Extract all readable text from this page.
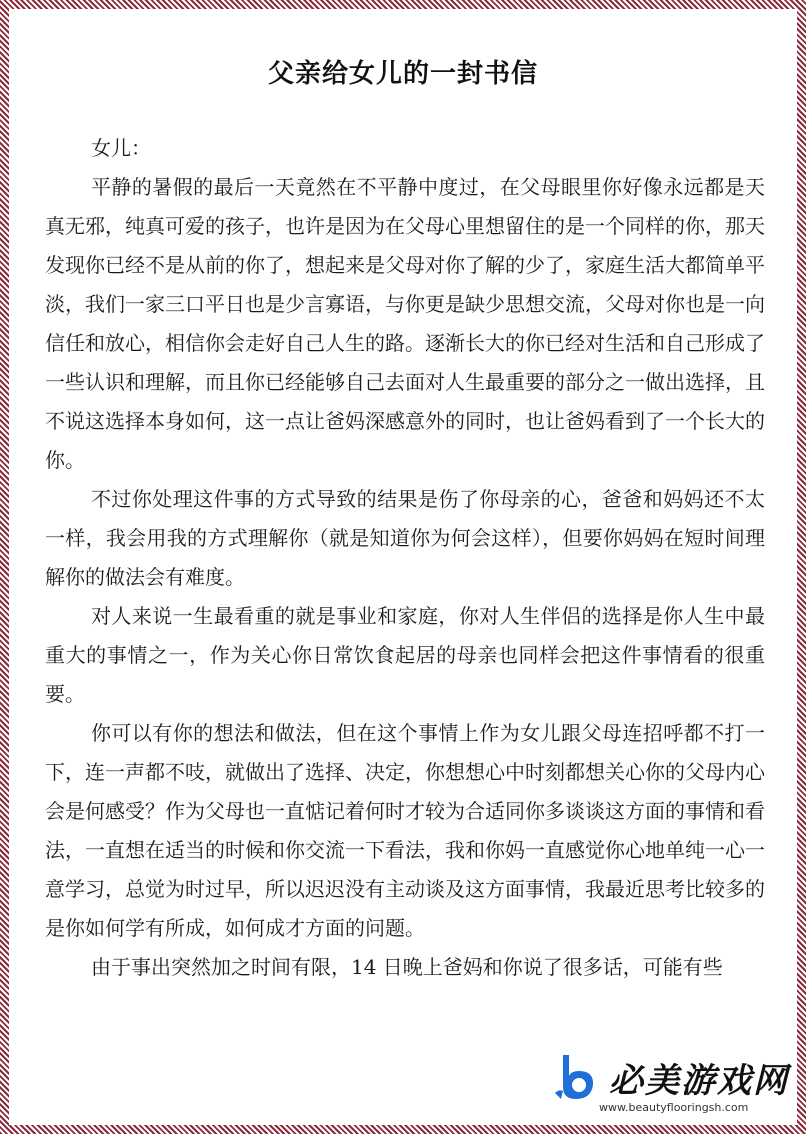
父亲给女儿的一封书信

女儿：

平静的暑假的最后一天竟然在不平静中度过，在父母眼里你好像永远都是天真无邪，纯真可爱的孩子，也许是因为在父母心里想留住的是一个同样的你，那天发现你已经不是从前的你了，想起来是父母对你了解的少了，家庭生活大都简单平淡，我们一家三口平日也是少言寡语，与你更是缺少思想交流，父母对你也是一向信任和放心，相信你会走好自己人生的路。逐渐长大的你已经对生活和自己形成了一些认识和理解，而且你已经能够自己去面对人生最重要的部分之一做出选择，且不说这选择本身如何，这一点让爸妈深感意外的同时，也让爸妈看到了一个长大的你。

不过你处理这件事的方式导致的结果是伤了你母亲的心，爸爸和妈妈还不太一样，我会用我的方式理解你（就是知道你为何会这样），但要你妈妈在短时间理解你的做法会有难度。

对人来说一生最看重的就是事业和家庭，你对人生伴侣的选择是你人生中最重大的事情之一，作为关心你日常饮食起居的母亲也同样会把这件事情看的很重要。

你可以有你的想法和做法，但在这个事情上作为女儿跟父母连招呼都不打一下，连一声都不吱，就做出了选择、决定，你想想心中时刻都想关心你的父母内心会是何感受？作为父母也一直惦记着何时才较为合适同你多谈谈这方面的事情和看法，一直想在适当的时候和你交流一下看法，我和你妈一直感觉你心地单纯一心一意学习，总觉为时过早，所以迟迟没有主动谈及这方面事情，我最近思考比较多的是你如何学有所成，如何成才方面的问题。

由于事出突然加之时间有限，14 日晚上爸妈和你说了很多话，可能有些

必美游戏网
www.beautyflooringsh.com
